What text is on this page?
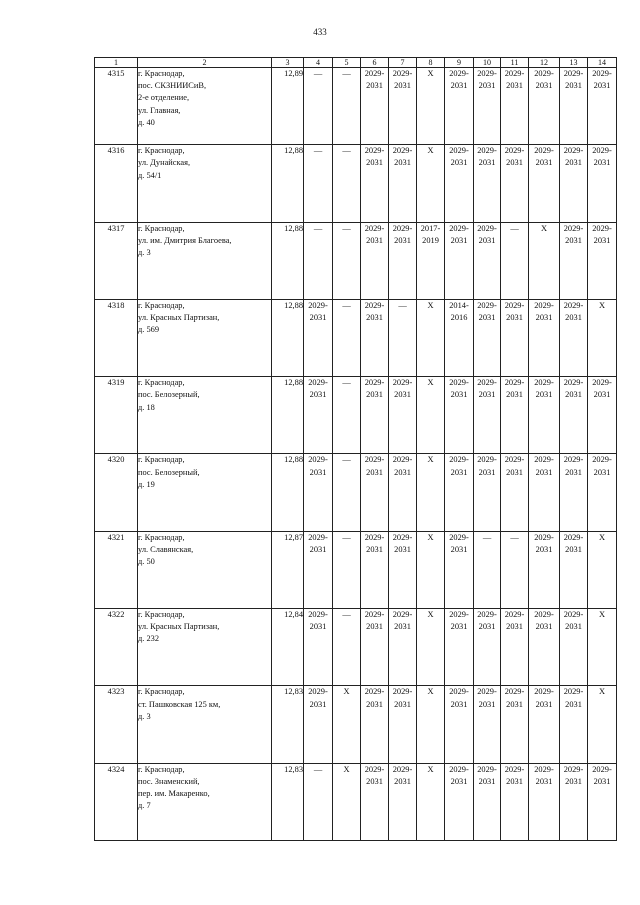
433
1	2	3	4	5	6	7	8	9	10	11	12	13	14
4315	г. Краснодар,
пос. СКЗНИИСиВ,
2-е отделение,
ул. Главная,
д. 40	12,89	—	—	2029-
2031	2029-
2031	X	2029-
2031	2029-
2031	2029-
2031	2029-
2031	2029-
2031	2029-
2031

4316	г. Краснодар,
ул. Дунайская,
д. 54/1	12,88	—	—	2029-
2031	2029-
2031	X	2029-
2031	2029-
2031	2029-
2031	2029-
2031	2029-
2031	2029-
2031

4317	г. Краснодар,
ул. им. Дмитрия Благоева,
д. 3	12,88	—	—	2029-
2031	2029-
2031	2017-
2019	2029-
2031	2029-
2031	—	X	2029-
2031	2029-
2031

4318	г. Краснодар,
ул. Красных Партизан,
д. 569	12,88	2029-
2031	—	2029-
2031	—	X	2014-
2016	2029-
2031	2029-
2031	2029-
2031	2029-
2031	X

4319	г. Краснодар,
пос. Белозерный,
д. 18	12,88	2029-
2031	—	2029-
2031	2029-
2031	X	2029-
2031	2029-
2031	2029-
2031	2029-
2031	2029-
2031	2029-
2031

4320	г. Краснодар,
пос. Белозерный,
д. 19	12,88	2029-
2031	—	2029-
2031	2029-
2031	X	2029-
2031	2029-
2031	2029-
2031	2029-
2031	2029-
2031	2029-
2031

4321	г. Краснодар,
ул. Славянская,
д. 50	12,87	2029-
2031	—	2029-
2031	2029-
2031	X	2029-
2031	—	—	2029-
2031	2029-
2031	X

4322	г. Краснодар,
ул. Красных Партизан,
д. 232	12,84	2029-
2031	—	2029-
2031	2029-
2031	X	2029-
2031	2029-
2031	2029-
2031	2029-
2031	2029-
2031	X

4323	г. Краснодар,
ст. Пашковская 125 км,
д. 3	12,83	2029-
2031	X	2029-
2031	2029-
2031	X	2029-
2031	2029-
2031	2029-
2031	2029-
2031	2029-
2031	X

4324	г. Краснодар,
пос. Знаменский,
пер. им. Макаренко,
д. 7	12,83	—	X	2029-
2031	2029-
2031	X	2029-
2031	2029-
2031	2029-
2031	2029-
2031	2029-
2031	2029-
2031
